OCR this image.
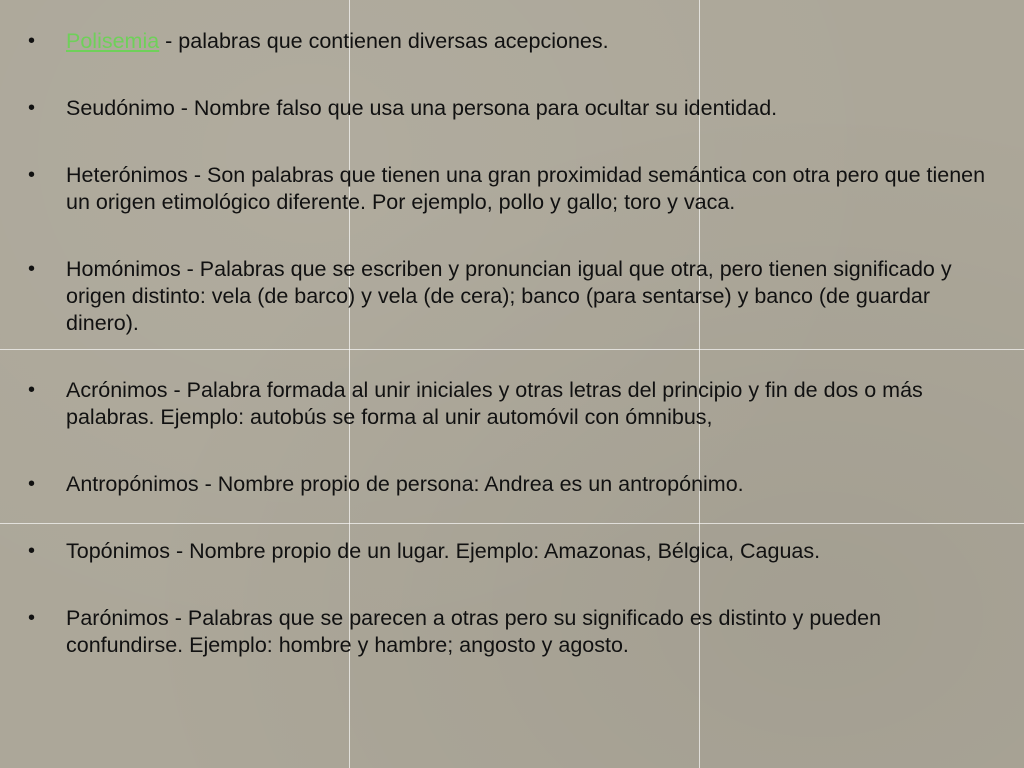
• Polisemia - palabras que contienen diversas acepciones.
• Seudónimo - Nombre falso que usa una persona para ocultar su identidad.
• Heterónimos - Son palabras que tienen una gran proximidad semántica con otra pero que tienen un origen etimológico diferente. Por ejemplo, pollo y gallo; toro y vaca.
• Homónimos - Palabras que se escriben y pronuncian igual que otra, pero tienen significado y origen distinto: vela (de barco) y vela (de cera); banco (para sentarse) y banco (de guardar dinero).
• Acrónimos - Palabra formada al unir iniciales y otras letras del principio y fin de dos o más palabras. Ejemplo: autobús se forma al unir automóvil con ómnibus,
• Antropónimos - Nombre propio de persona: Andrea es un antropónimo.
• Topónimos - Nombre propio de un lugar. Ejemplo: Amazonas, Bélgica, Caguas.
• Parónimos - Palabras que se parecen a otras pero su significado es distinto y pueden confundirse. Ejemplo: hombre y hambre; angosto y agosto.
